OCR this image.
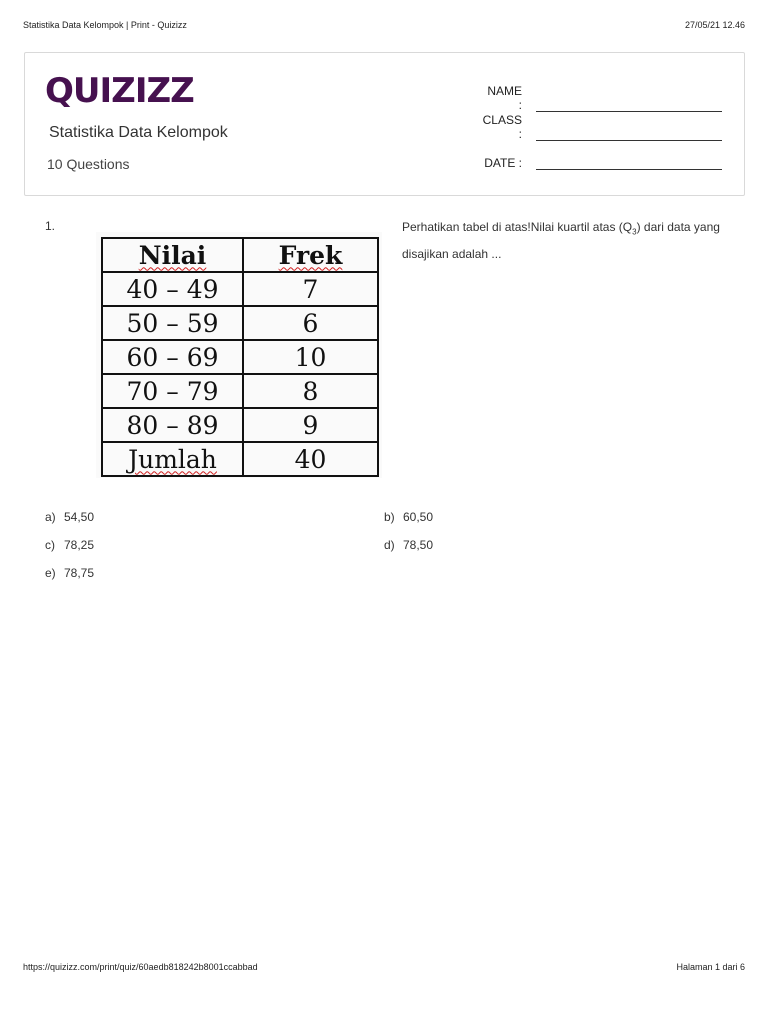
Statistika Data Kelompok | Print - Quizizz	27/05/21 12.46
QUIZIZZ
Statistika Data Kelompok
10 Questions
NAME :
CLASS :
DATE :
1.
Nilai	Frek
40 – 49	7
50 – 59	6
60 – 69	10
70 – 79	8
80 – 89	9
Jumlah	40
Perhatikan tabel di atas!Nilai kuartil atas $(Q_3)$ dari data yang disajikan adalah ...
a) 54,50	b) 60,50
c) 78,25	d) 78,50
e) 78,75
https://quizizz.com/print/quiz/60aedb818242b8001ccabbad	Halaman 1 dari 6
